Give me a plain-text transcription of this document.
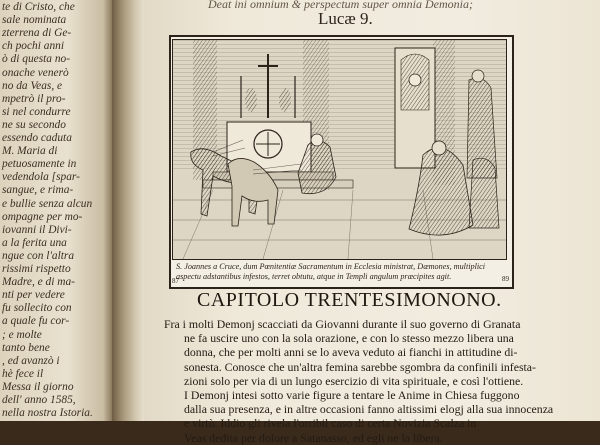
te di Cristo, che
sale nominata
zterrena di Ge-
ch pochi anni
ò di questa no-
onache venerò
no da Veas, e
mpetrò il pro-
si nel condurre
ne su secondo
essendo caduta
M. Maria di
petuosamente in
vedendola [spar-
sangue, e rima-
e bullie senza alcun
ompagne per mo-
iovanni il Divi-
a la ferita una
ngue con l'altra
rissimi rispetto
Madre, e di ma-
nti per vedere
fu sollecito con
a quale fu cor-
; e molte
tanto bene
, ed avanzò i
hè fece il
Messa il giorno
dell' anno 1585,
nella nostra Istoria.
Deat ini omnium & perspectum super omnia Demonia;
Lucæ 9.
S. Joannes a Cruce, dum Pœnitentiæ Sacramentum in Ecclesia ministrat, Dæmones, multiplici
aspectu adstantibus infestos, terret obtutu, atque in Templi angulum præcipites agit.
87	89
CAPITOLO TRENTESIMONONO.
Fra i molti Demonj scacciati da Giovanni durante il suo governo di Granata
ne fa uscire uno con la sola orazione, e con lo stesso mezzo libera una
donna, che per molti anni se lo aveva veduto ai fianchi in attitudine di-
sonesta. Conosce che un'altra femina sarebbe sgombra da confinili infesta-
zioni solo per via di un lungo esercizio di vita spirituale, e così l'ottiene.
I Demonj intesi sotto varie figure a tentare le Anime in Chiesa fuggono
dalla sua presenza, e in altre occasioni fanno altissimi elogj alla sua innocenza
e virtù. Iddio gli rivela l'orribil caso di certa Novizia Scalza in
Veas dedita per dolore a Satanasso, ed egli ne la libera.
